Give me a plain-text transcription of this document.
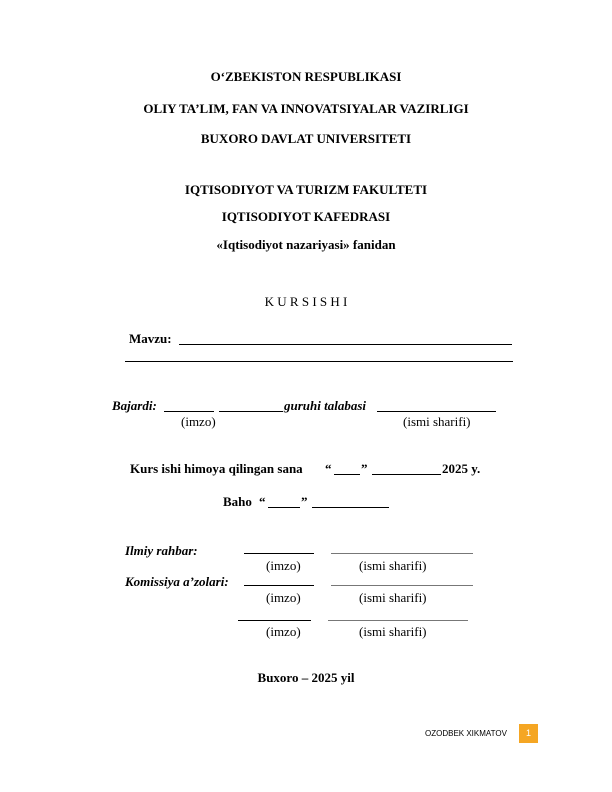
O‘ZBEKISTON RESPUBLIKASI
OLIY TA’LIM, FAN VA INNOVATSIYALAR VAZIRLIGI
BUXORO DAVLAT UNIVERSITETI
IQTISODIYOT VA TURIZM FAKULTETI
IQTISODIYOT KAFEDRASI
«Iqtisodiyot nazariyasi» fanidan
K U R S I S H I
Mavzu:
Bajardi:	guruhi talabasi
(imzo)	(ismi sharifi)
Kurs ishi himoya qilingan sana “ ”	2025 y.
Baho “	”
Ilmiy rahbar:
(imzo)	(ismi sharifi)
Komissiya a’zolari:
(imzo)	(ismi sharifi)
(imzo)	(ismi sharifi)
Buxoro – 2025 yil
OZODBEK XIKMATOV	1
